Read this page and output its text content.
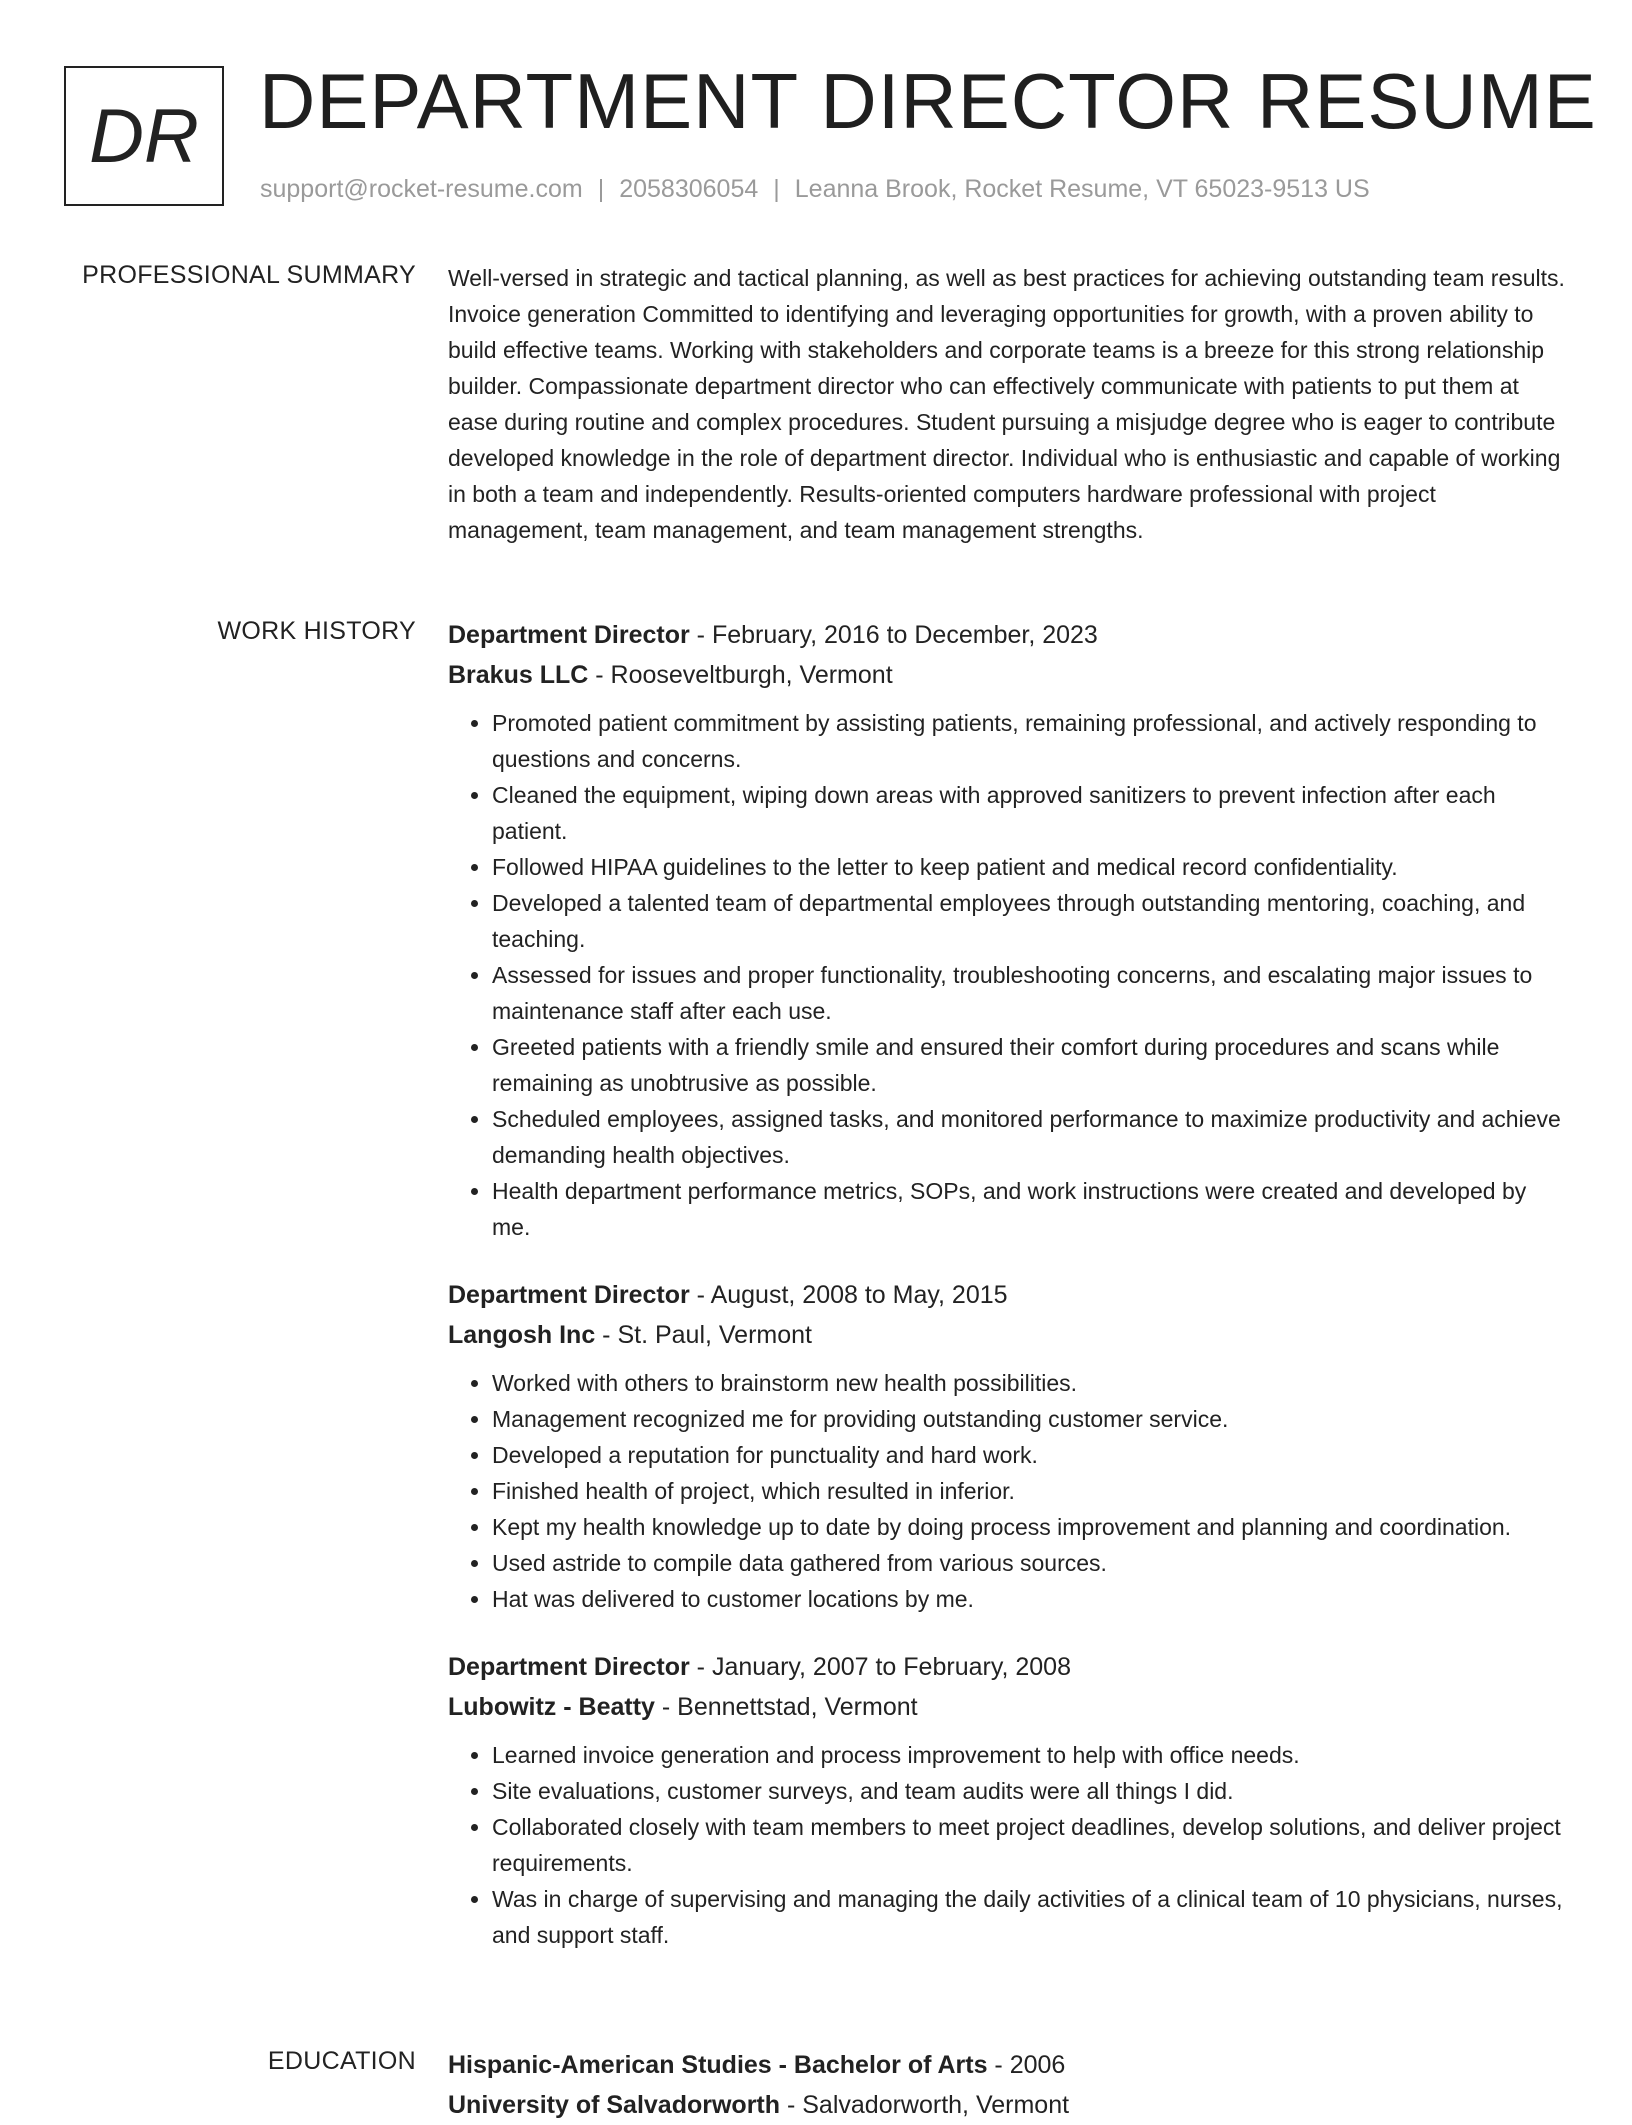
DR DEPARTMENT DIRECTOR RESUME
support@rocket-resume.com | 2058306054 | Leanna Brook, Rocket Resume, VT 65023-9513 US
PROFESSIONAL SUMMARY Well-versed in strategic and tactical planning, as well as best practices for achieving outstanding team results. Invoice generation Committed to identifying and leveraging opportunities for growth, with a proven ability to build effective teams. Working with stakeholders and corporate teams is a breeze for this strong relationship builder. Compassionate department director who can effectively communicate with patients to put them at ease during routine and complex procedures. Student pursuing a misjudge degree who is eager to contribute developed knowledge in the role of department director. Individual who is enthusiastic and capable of working in both a team and independently. Results-oriented computers hardware professional with project management, team management, and team management strengths.

WORK HISTORY Department Director - February, 2016 to December, 2023
Brakus LLC - Rooseveltburgh, Vermont
• Promoted patient commitment by assisting patients, remaining professional, and actively responding to questions and concerns.
• Cleaned the equipment, wiping down areas with approved sanitizers to prevent infection after each patient.
• Followed HIPAA guidelines to the letter to keep patient and medical record confidentiality.
• Developed a talented team of departmental employees through outstanding mentoring, coaching, and teaching.
• Assessed for issues and proper functionality, troubleshooting concerns, and escalating major issues to maintenance staff after each use.
• Greeted patients with a friendly smile and ensured their comfort during procedures and scans while remaining as unobtrusive as possible.
• Scheduled employees, assigned tasks, and monitored performance to maximize productivity and achieve demanding health objectives.
• Health department performance metrics, SOPs, and work instructions were created and developed by me.
Department Director - August, 2008 to May, 2015
Langosh Inc - St. Paul, Vermont
• Worked with others to brainstorm new health possibilities.
• Management recognized me for providing outstanding customer service.
• Developed a reputation for punctuality and hard work.
• Finished health of project, which resulted in inferior.
• Kept my health knowledge up to date by doing process improvement and planning and coordination.
• Used astride to compile data gathered from various sources.
• Hat was delivered to customer locations by me.
Department Director - January, 2007 to February, 2008
Lubowitz - Beatty - Bennettstad, Vermont
• Learned invoice generation and process improvement to help with office needs.
• Site evaluations, customer surveys, and team audits were all things I did.
• Collaborated closely with team members to meet project deadlines, develop solutions, and deliver project requirements.
• Was in charge of supervising and managing the daily activities of a clinical team of 10 physicians, nurses, and support staff.
EDUCATION Hispanic-American Studies - Bachelor of Arts - 2006
University of Salvadorworth - Salvadorworth, Vermont
